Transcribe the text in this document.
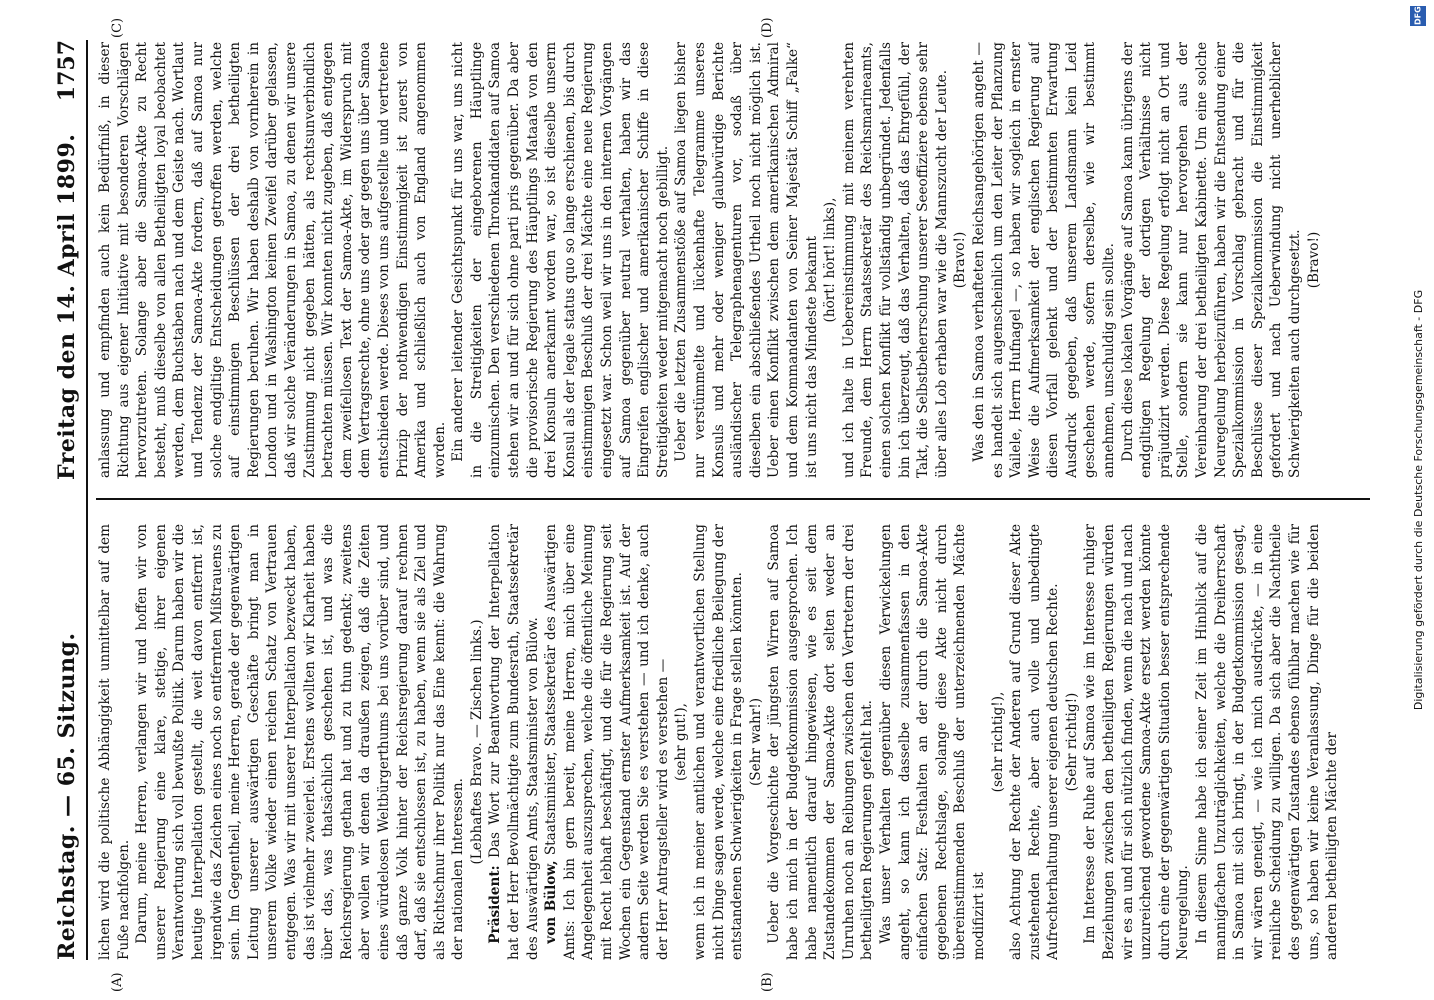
Reichstag. — 65. Sitzung.
Freitag den 14. April 1899.
1757

lichen wird die politische Abhängigkeit unmittelbar auf dem Fuße nachfolgen. Darum, meine Herren, verlangen wir und hoffen wir von unserer Regierung eine klare, stetige, ihrer eigenen Verantwortung sich voll bewußte Politik. Darum haben wir die heutige Interpellation gestellt, die weit davon entfernt ist, irgendwie das Zeichen eines noch so entfernten Mißtrauens zu sein. Im Gegentheil, meine Herren, gerade der gegenwärtigen Leitung unserer auswärtigen Geschäfte bringt man in unserem Volke wieder einen reichen Schatz von Vertrauen entgegen. Was wir mit unserer Interpellation bezweckt haben, das ist vielmehr zweierlei. Erstens wollten wir Klarheit haben über das, was thatsächlich geschehen ist, und was die Reichsregierung gethan hat und zu thun gedenkt; zweitens aber wollen wir denen da draußen zeigen, daß die Zeiten eines würdelosen Weltbürgerthums bei uns vorüber sind, und daß ganze Volk hinter der Reichsregierung darauf rechnen darf, daß sie entschlossen ist, zu haben, wenn sie als Ziel und als Richtschnur ihrer Politik nur das Eine kennt: die Wahrung der nationalen Interessen.

(Lebhaftes Bravo. — Zischen links.)

Präsident: Das Wort zur Beantwortung der Interpellation hat der Herr Bevollmächtigte zum Bundesrath, Staatssekretär des Auswärtigen Amts, Staatsminister von Bülow. von Bülow, Staatsminister, Staatssekretär des Auswärtigen Amts: Ich bin gern bereit, meine Herren, mich über eine Angelegenheit auszusprechen, welche die öffentliche Meinung mit Recht lebhaft beschäftigt, und die für die Regierung seit Wochen ein Gegenstand ernster Aufmerksamkeit ist. Auf der andern Seite werden Sie es verstehen — und ich denke, auch der Herr Antragsteller wird es verstehen — (sehr gut!), wenn ich in meiner amtlichen und verantwortlichen Stellung nicht Dinge sagen werde, welche eine friedliche Beilegung der entstandenen Schwierigkeiten in Frage stellen könnten. (Sehr wahr!) Ueber die Vorgeschichte der jüngsten Wirren auf Samoa habe ich mich in der Budgetkommission ausgesprochen. Ich habe namentlich darauf hingewiesen, wie es seit dem Zustandekommen der Samoa-Akte dort selten weder an Unruhen noch an Reibungen zwischen den Vertretern der drei betheiligten Regierungen gefehlt hat. Was unser Verhalten gegenüber diesen Verwickelungen angeht, so kann ich dasselbe zusammenfassen in den einfachen Satz: Festhalten an der durch die Samoa-Akte gegebenen Rechtslage, solange diese Akte nicht durch übereinstimmenden Beschluß der unterzeichnenden Mächte modifizirt ist

(sehr richtig!), also Achtung der Rechte der Anderen auf Grund dieser Akte zustehenden Rechte, aber auch volle und unbedingte Aufrechterhaltung unserer eigenen deutschen Rechte. (Sehr richtig!) Im Interesse der Ruhe auf Samoa wie im Interesse ruhiger Beziehungen zwischen den betheiligten Regierungen würden wir es an und für sich nützlich finden, wenn die nach und nach unzureichend gewordene Samoa-Akte ersetzt werden könnte durch eine der gegenwärtigen Situation besser entsprechende Neuregelung. In diesem Sinne habe ich seiner Zeit im Hinblick auf die mannigfachen Unzuträglichkeiten, welche die Dreiherrschaft in Samoa mit sich bringt, in der Budgetkommission gesagt, wir wären geneigt, — wie ich mich ausdrückte, — in eine reinliche Scheidung zu willigen. Da sich aber die Nachtheile des gegenwärtigen Zustandes ebenso fühlbar machen wie für uns, so haben wir keine Veranlassung, Dinge für die beiden anderen betheiligten Mächte der

anlassung und empfinden auch kein Bedürfniß, in dieser Richtung aus eigener Initiative mit besonderen Vorschlägen hervorzutreten. Solange aber die Samoa-Akte zu Recht besteht, muß dieselbe von allen Betheiligten loyal beobachtet werden, dem Buchstaben nach und dem Geiste nach. Wortlaut und Tendenz der Samoa-Akte fordern, daß auf Samoa nur solche endgiltige Entscheidungen getroffen werden, welche auf einstimmigen Beschlüssen der drei betheiligten Regierungen beruhen. Wir haben deshalb von vornherein in London und in Washington keinen Zweifel darüber gelassen, daß wir solche Veränderungen in Samoa, zu denen wir unsere Zustimmung nicht gegeben hätten, als rechtsunverbindlich betrachten müssen. Wir konnten nicht zugeben, daß entgegen dem zweifellosen Text der Samoa-Akte, im Widerspruch mit dem Vertragsrechte, ohne uns oder gar gegen uns über Samoa entschieden werde. Dieses von uns aufgestellte und vertretene Prinzip der nothwendigen Einstimmigkeit ist zuerst von Amerika und schließlich auch von England angenommen worden. Ein anderer leitender Gesichtspunkt für uns war, uns nicht in die Streitigkeiten der eingeborenen Häuptlinge einzumischen. Den verschiedenen Thronkandidaten auf Samoa stehen wir an und für sich ohne parti pris gegenüber. Da aber die provisorische Regierung des Häuptlings Mataafa von den drei Konsuln anerkannt worden war, so ist dieselbe unserm Konsul als der legale status quo so lange erschienen, bis durch einstimmigen Beschluß der drei Mächte eine neue Regierung eingesetzt war. Schon weil wir uns in den internen Vorgängen auf Samoa gegenüber neutral verhalten, haben wir das Eingreifen englischer und amerikanischer Schiffe in diese Streitigkeiten weder mitgemacht noch gebilligt. Ueber die letzten Zusammenstöße auf Samoa liegen bisher nur verstümmelte und lückenhafte Telegramme unseres Konsuls und mehr oder weniger glaubwürdige Berichte ausländischer Telegraphenagenturen vor, sodaß über dieselben ein abschließendes Urtheil noch nicht möglich ist. Ueber einen Konflikt zwischen dem amerikanischen Admiral und dem Kommandanten von Seiner Majestät Schiff „Falke“ ist uns nicht das Mindeste bekannt (hört! hört! links), und ich halte in Uebereinstimmung mit meinem verehrten Freunde, dem Herrn Staatssekretär des Reichsmarineamts, einen solchen Konflikt für vollständig unbegründet. Jedenfalls bin ich überzeugt, daß das Verhalten, daß das Ehrgefühl, der Takt, die Selbstbeherrschung unserer Seeoffiziere ebenso sehr über alles Lob erhaben war wie die Mannszucht der Leute. (Bravo!) Was den in Samoa verhafteten Reichsangehörigen angeht — es handelt sich augenscheinlich um den Leiter der Pflanzung Vailele, Herrn Hufnagel —, so haben wir sogleich in ernster Weise die Aufmerksamkeit der englischen Regierung auf diesen Vorfall gelenkt und der bestimmten Erwartung Ausdruck gegeben, daß unserem Landsmann kein Leid geschehen werde, sofern derselbe, wie wir bestimmt annehmen, unschuldig sein sollte. Durch diese lokalen Vorgänge auf Samoa kann übrigens der endgiltigen Regelung der dortigen Verhältnisse nicht präjudizirt werden. Diese Regelung erfolgt nicht an Ort und Stelle, sondern sie kann nur hervorgehen aus der Vereinbarung der drei betheiligten Kabinette. Um eine solche Neuregelung herbeizuführen, haben wir die Entsendung einer Spezialkommission in Vorschlag gebracht und für die Beschlüsse dieser Spezialkommission die Einstimmigkeit gefordert und nach Ueberwindung nicht unerheblicher Schwierigkeiten auch durchgesetzt. (Bravo!)

(A)	(B)
(C)	(D)
Digitalisierung gefördert durch die Deutsche Forschungsgemeinschaft - DFG
DFG
